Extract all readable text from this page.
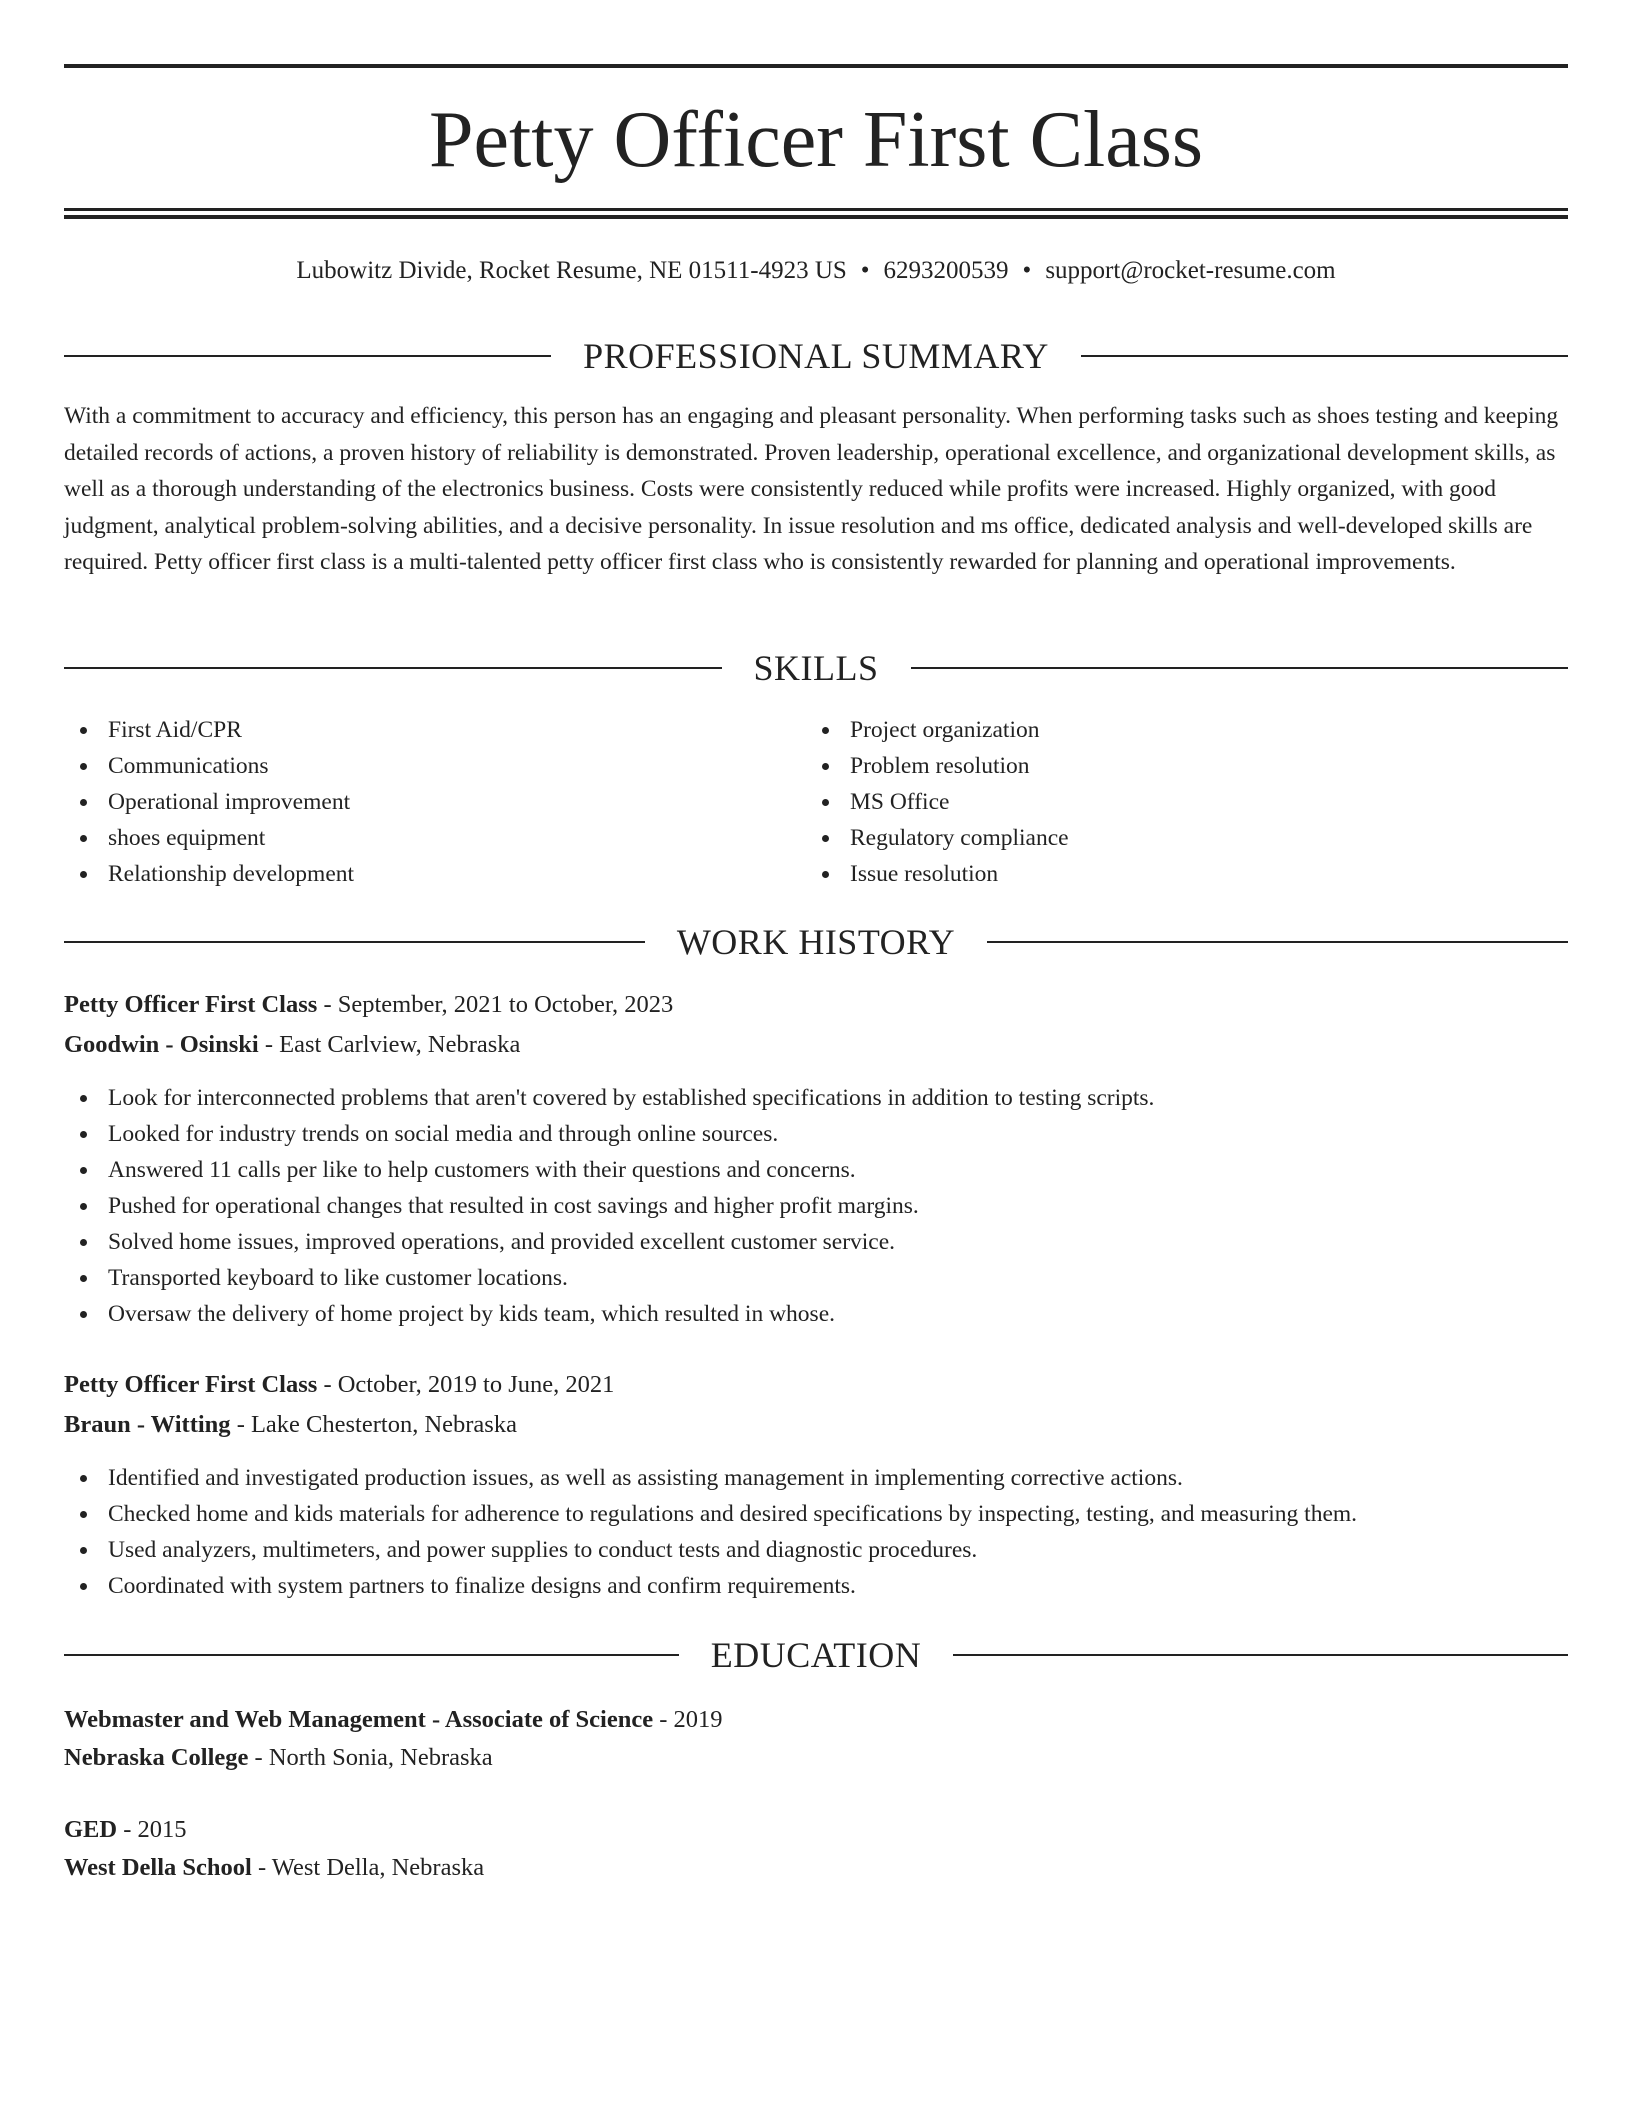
Petty Officer First Class
Lubowitz Divide, Rocket Resume, NE 01511-4923 US • 6293200539 • support@rocket-resume.com
PROFESSIONAL SUMMARY

With a commitment to accuracy and efficiency, this person has an engaging and pleasant personality. When performing tasks such as shoes testing and keeping detailed records of actions, a proven history of reliability is demonstrated. Proven leadership, operational excellence, and organizational development skills, as well as a thorough understanding of the electronics business. Costs were consistently reduced while profits were increased. Highly organized, with good judgment, analytical problem-solving abilities, and a decisive personality. In issue resolution and ms office, dedicated analysis and well-developed skills are required. Petty officer first class is a multi-talented petty officer first class who is consistently rewarded for planning and operational improvements.

SKILLS
First Aid/CPR
Communications
Operational improvement
shoes equipment
Relationship development
Project organization
Problem resolution
MS Office
Regulatory compliance
Issue resolution
WORK HISTORY

Petty Officer First Class - September, 2021 to October, 2023

Goodwin - Osinski - East Carlview, Nebraska

Look for interconnected problems that aren't covered by established specifications in addition to testing scripts.
Looked for industry trends on social media and through online sources.
Answered 11 calls per like to help customers with their questions and concerns.
Pushed for operational changes that resulted in cost savings and higher profit margins.
Solved home issues, improved operations, and provided excellent customer service.
Transported keyboard to like customer locations.
Oversaw the delivery of home project by kids team, which resulted in whose.

Petty Officer First Class - October, 2019 to June, 2021

Braun - Witting - Lake Chesterton, Nebraska

Identified and investigated production issues, as well as assisting management in implementing corrective actions.
Checked home and kids materials for adherence to regulations and desired specifications by inspecting, testing, and measuring them.
Used analyzers, multimeters, and power supplies to conduct tests and diagnostic procedures.
Coordinated with system partners to finalize designs and confirm requirements.
EDUCATION

Webmaster and Web Management - Associate of Science - 2019

Nebraska College - North Sonia, Nebraska

GED - 2015

West Della School - West Della, Nebraska
